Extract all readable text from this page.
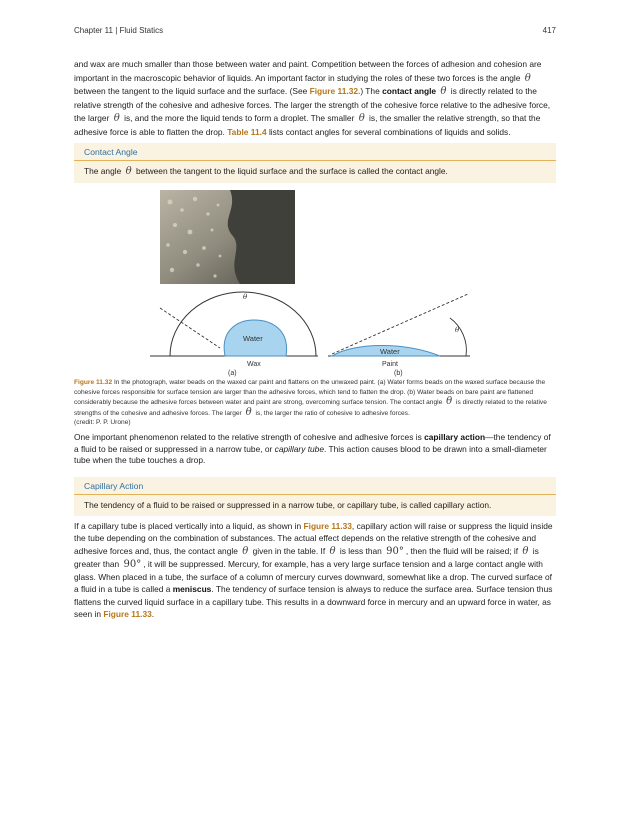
Chapter 11 | Fluid Statics	417

and wax are much smaller than those between water and paint. Competition between the forces of adhesion and cohesion are important in the macroscopic behavior of liquids. An important factor in studying the roles of these two forces is the angle θ between the tangent to the liquid surface and the surface. (See Figure 11.32.) The contact angle θ is directly related to the relative strength of the cohesive and adhesive forces. The larger the strength of the cohesive force relative to the adhesive force, the larger θ is, and the more the liquid tends to form a droplet. The smaller θ is, the smaller the relative strength, so that the adhesive force is able to flatten the drop. Table 11.4 lists contact angles for several combinations of liquids and solids.

Contact Angle
The angle θ between the tangent to the liquid surface and the surface is called the contact angle.
θ
Water
Wax
(a)
θ
Water
Paint
(b)
Figure 11.32 In the photograph, water beads on the waxed car paint and flattens on the unwaxed paint. (a) Water forms beads on the waxed surface because the cohesive forces responsible for surface tension are larger than the adhesive forces, which tend to flatten the drop. (b) Water beads on bare paint are flattened considerably because the adhesive forces between water and paint are strong, overcoming surface tension. The contact angle θ is directly related to the relative strengths of the cohesive and adhesive forces. The larger θ is, the larger the ratio of cohesive to adhesive forces.
(credit: P. P. Urone)

One important phenomenon related to the relative strength of cohesive and adhesive forces is capillary action—the tendency of a fluid to be raised or suppressed in a narrow tube, or capillary tube. This action causes blood to be drawn into a small-diameter tube when the tube touches a drop.

Capillary Action
The tendency of a fluid to be raised or suppressed in a narrow tube, or capillary tube, is called capillary action.

If a capillary tube is placed vertically into a liquid, as shown in Figure 11.33, capillary action will raise or suppress the liquid inside the tube depending on the combination of substances. The actual effect depends on the relative strength of the cohesive and adhesive forces and, thus, the contact angle θ given in the table. If θ is less than 90° , then the fluid will be raised; if θ is greater than 90° , it will be suppressed. Mercury, for example, has a very large surface tension and a large contact angle with glass. When placed in a tube, the surface of a column of mercury curves downward, somewhat like a drop. The curved surface of a fluid in a tube is called a meniscus. The tendency of surface tension is always to reduce the surface area. Surface tension thus flattens the curved liquid surface in a capillary tube. This results in a downward force in mercury and an upward force in water, as seen in Figure 11.33.
